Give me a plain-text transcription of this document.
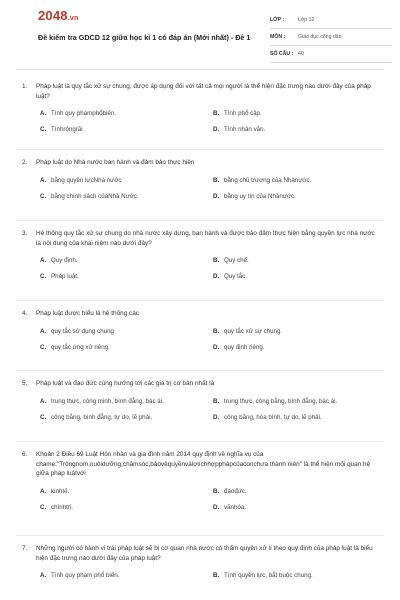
2048.vn
Đề kiểm tra GDCD 12 giữa học kì 1 có đáp án (Mới nhất) - Đề 1
LỚP :	Lớp 12
MÔN :	Giáo dục công dân
SỐ CÂU : 40
1.	Pháp luật là quy tắc xử sự chung, được áp dụng đối với tất cả mọi người là thể hiện đặc trưng nào dưới đây của pháp luật?
A. Tính quy phạmphổbiến.	B. Tính phổ cập.
C. Tínhrộngrãi	D. Tính nhân văn.
2.	Pháp luật do Nhà nước ban hành và đảm bảo thực hiện
A. bằng quyền lựcNhà nước	B. bằng chủ trương của Nhànước.
C. bằng chính sách củaNhà Nước	D. bằng uy tín của Nhànước.
3.	Hệ thống quy tắc xử sự chung do nhà nước xây dựng, ban hành và được bảo đảm thực hiện bằng quyền lực nhà nước là nội dung của khái niệm nào dưới đây?
A. Quy định.	B. Quy chế.
C. Pháp luật.	D. Quy tắc.
4.	Pháp luật được hiểu là hệ thống các
A. quy tắc sử dụng chung	B. quy tắc xử sự chung.
C. quy tắc ứng xử riêng.	D. quy định riêng.
5.	Pháp luật và đạo đức cùng hướng tới các giá trị cơ bản nhất là
A. trung thực, công minh, bình đẳng, bác ái.	B. trung thực, công bằng, bình đẳng, bác ái.
C. công bằng, bình đẳng, tự do, lẽ phải.	D. công bằng, hòa bình, tự do, lẽ phải.
6.	Khoản 2 Điều 69 Luật Hôn nhân và gia đình năm 2014 quy định về nghĩa vụ của chamẹ:"Trôngnom,nuôidưỡng,chămsóc,bảovệquyềnvàlợiíchhợpphápcủaconchưa thành niên" là thể hiện mối quan hệ giữa pháp luậtvới
A. kinhtế.	B. đạođức.
C. chínhtrị.	D. vănhóa.
7.	Những người có hành vi trái pháp luật sẽ bị cơ quan nhà nước có thẩm quyền xử lí theo quy định của pháp luật là biểu hiện đặc trưng nào dưới đây của pháp luật?
A. Tính quy phạm phổ biến.	B. Tính quyền lực, bắt buộc chung.
